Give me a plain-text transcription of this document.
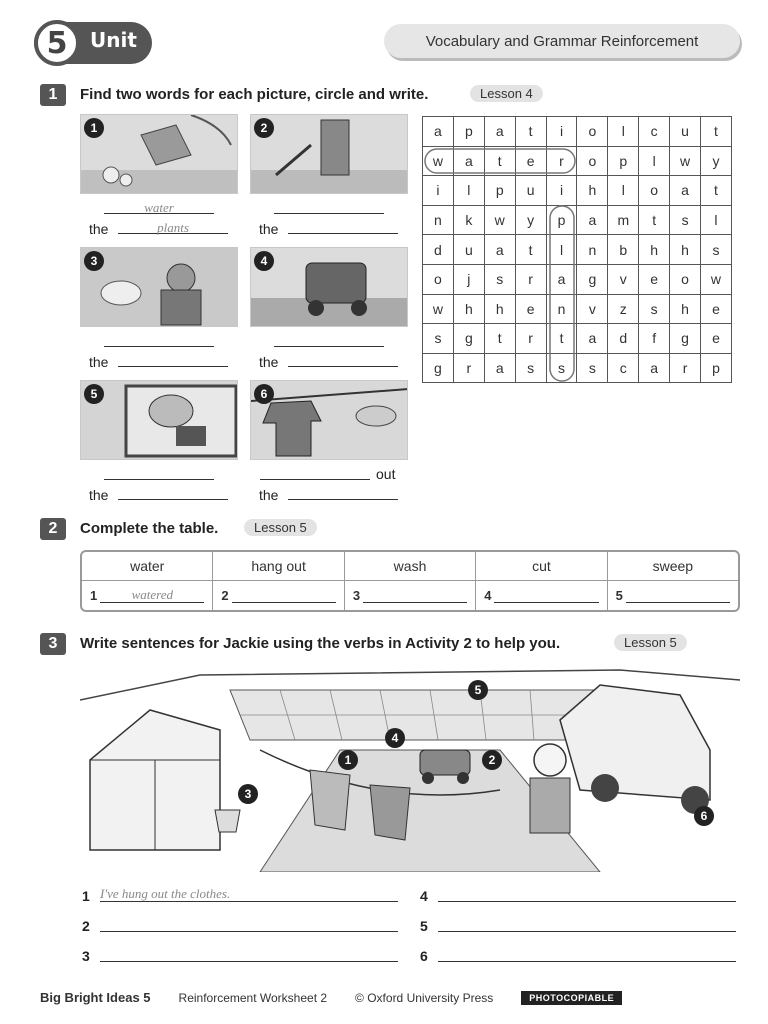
5	Unit	Vocabulary and Grammar Reinforcement
1	Find two words for each picture, circle and write.	Lesson 4
1
water
the	plants
2
the
3
the
4
the
5
the
6
out
the
a	p	a	t	i	o	l	c	u	t
w	a	t	e	r	o	p	l	w	y
i	l	p	u	i	h	l	o	a	t
n	k	w	y	p	a	m	t	s	l
d	u	a	t	l	n	b	h	h	s
o	j	s	r	a	g	v	e	o	w
w	h	h	e	n	v	z	s	h	e
s	g	t	r	t	a	d	f	g	e
g	r	a	s	s	s	c	a	r	p
2	Complete the table.	Lesson 5
water	hang out	wash	cut	sweep
1	watered	2	3	4	5
3	Write sentences for Jackie using the verbs in Activity 2 to help you.	Lesson 5
1	2
3
4
5
6
1 I've hung out the clothes.
2
3
4
5
6
Big Bright Ideas 5 Reinforcement Worksheet 2 © Oxford University Press	PHOTOCOPIABLE
